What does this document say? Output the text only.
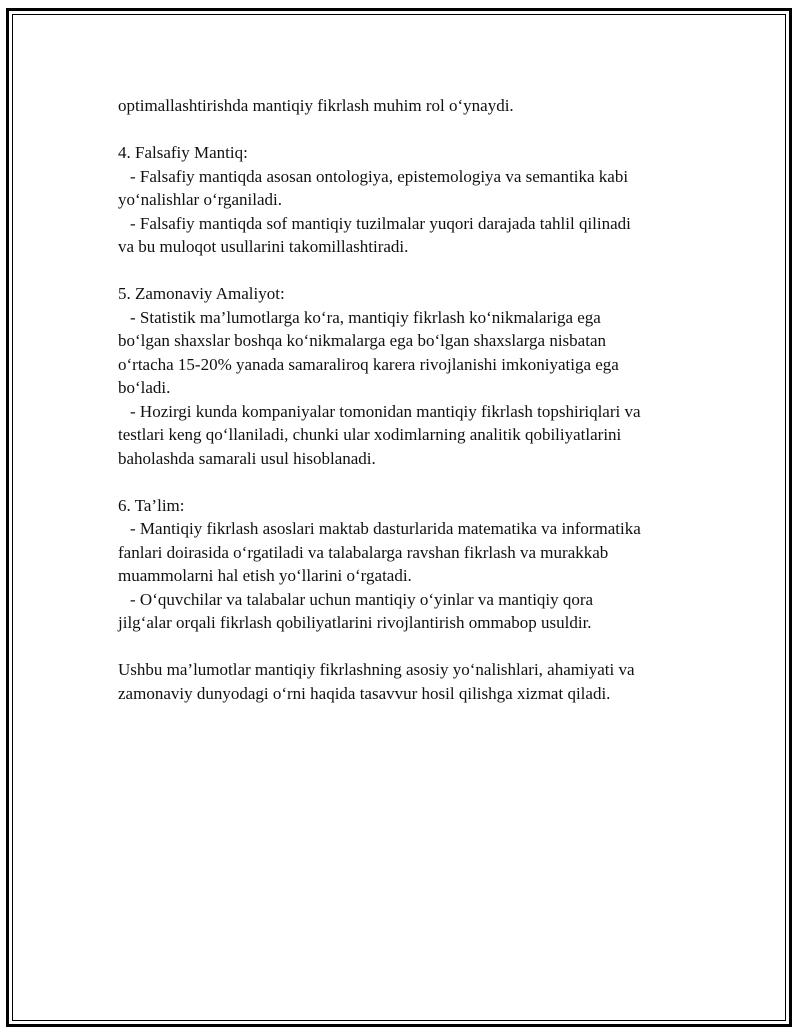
optimallashtirishda mantiqiy fikrlash muhim rol o‘ynaydi.
4. Falsafiy Mantiq:
- Falsafiy mantiqda asosan ontologiya, epistemologiya va semantika kabi
yo‘nalishlar o‘rganiladi.
- Falsafiy mantiqda sof mantiqiy tuzilmalar yuqori darajada tahlil qilinadi
va bu muloqot usullarini takomillashtiradi.
5. Zamonaviy Amaliyot:
- Statistik ma’lumotlarga ko‘ra, mantiqiy fikrlash ko‘nikmalariga ega
bo‘lgan shaxslar boshqa ko‘nikmalarga ega bo‘lgan shaxslarga nisbatan
o‘rtacha 15-20% yanada samaraliroq karera rivojlanishi imkoniyatiga ega
bo‘ladi.
- Hozirgi kunda kompaniyalar tomonidan mantiqiy fikrlash topshiriqlari va
testlari keng qo‘llaniladi, chunki ular xodimlarning analitik qobiliyatlarini
baholashda samarali usul hisoblanadi.
6. Ta’lim:
- Mantiqiy fikrlash asoslari maktab dasturlarida matematika va informatika
fanlari doirasida o‘rgatiladi va talabalarga ravshan fikrlash va murakkab
muammolarni hal etish yo‘llarini o‘rgatadi.
- O‘quvchilar va talabalar uchun mantiqiy o‘yinlar va mantiqiy qora
jilg‘alar orqali fikrlash qobiliyatlarini rivojlantirish ommabop usuldir.
Ushbu ma’lumotlar mantiqiy fikrlashning asosiy yo‘nalishlari, ahamiyati va
zamonaviy dunyodagi o‘rni haqida tasavvur hosil qilishga xizmat qiladi.
